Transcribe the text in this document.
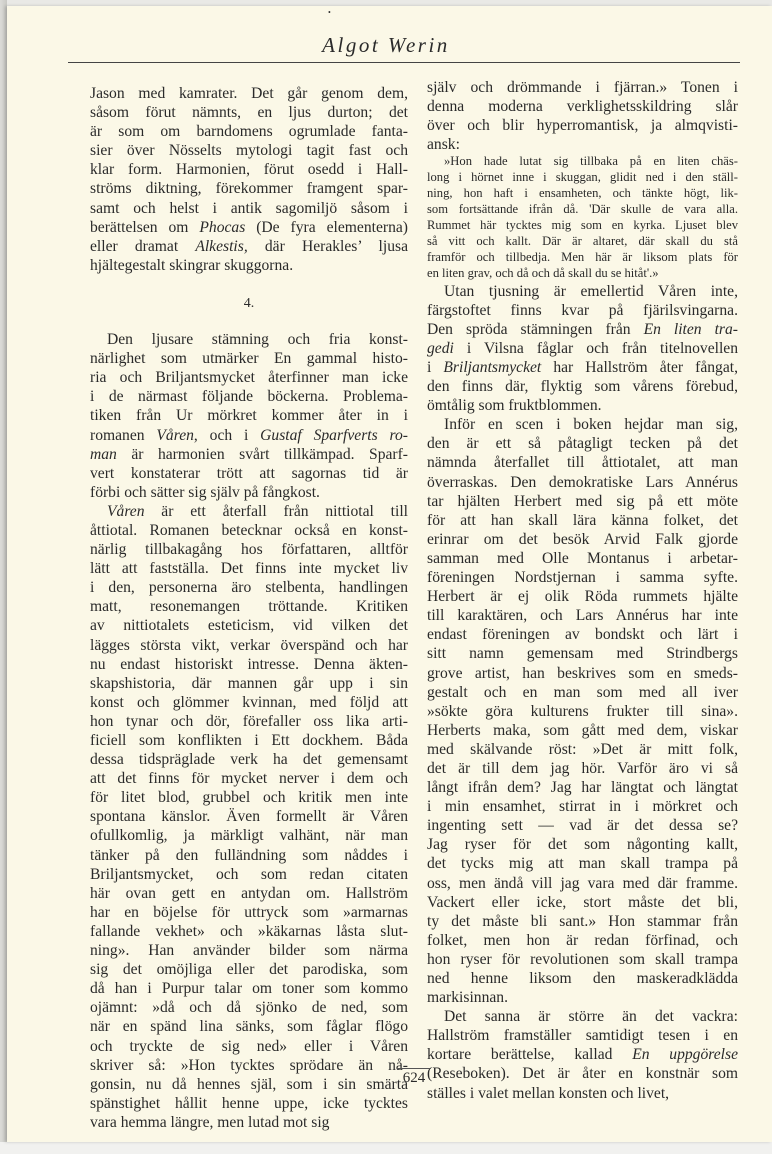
•
Algot Werin

Jason med kamrater. Det går genom dem,
såsom förut nämnts, en ljus durton; det
är som om barndomens ogrumlade fanta-
sier över Nösselts mytologi tagit fast och
klar form. Harmonien, förut osedd i Hall-
ströms diktning, förekommer framgent spar-
samt och helst i antik sagomiljö såsom i
berättelsen om Phocas (De fyra elementerna)
eller dramat Alkestis, där Herakles’ ljusa
hjältegestalt skingrar skuggorna.

4.

Den ljusare stämning och fria konst-
närlighet som utmärker En gammal histo-
ria och Briljantsmycket återfinner man icke
i de närmast följande böckerna. Problema-
tiken från Ur mörkret kommer åter in i
romanen Våren, och i Gustaf Sparfverts ro-
man är harmonien svårt tillkämpad. Sparf-
vert konstaterar trött att sagornas tid är
förbi och sätter sig själv på fångkost.

Våren är ett återfall från nittiotal till
åttiotal. Romanen betecknar också en konst-
närlig tillbakagång hos författaren, alltför
lätt att fastställa. Det finns inte mycket liv
i den, personerna äro stelbenta, handlingen
matt, resonemangen tröttande. Kritiken
av nittiotalets esteticism, vid vilken det
lägges största vikt, verkar överspänd och har
nu endast historiskt intresse. Denna äkten-
skapshistoria, där mannen går upp i sin
konst och glömmer kvinnan, med följd att
hon tynar och dör, förefaller oss lika arti-
ficiell som konflikten i Ett dockhem. Båda
dessa tidspräglade verk ha det gemensamt
att det finns för mycket nerver i dem och
för litet blod, grubbel och kritik men inte
spontana känslor. Även formellt är Våren
ofullkomlig, ja märkligt valhänt, när man
tänker på den fulländning som nåddes i
Briljantsmycket, och som redan citaten
här ovan gett en antydan om. Hallström
har en böjelse för uttryck som »armarnas
fallande vekhet» och »käkarnas låsta slut-
ning». Han använder bilder som närma
sig det omöjliga eller det parodiska, som
då han i Purpur talar om toner som kommo
ojämnt: »då och då sjönko de ned, som
när en spänd lina sänks, som fåglar flögo
och tryckte de sig ned» eller i Våren
skriver så: »Hon tycktes sprödare än nå-
gonsin, nu då hennes själ, som i sin smärta
spänstighet hållit henne uppe, icke tycktes
vara hemma längre, men lutad mot sig

själv och drömmande i fjärran.» Tonen i
denna moderna verklighetsskildring slår
över och blir hyperromantisk, ja almqvisti-
ansk:

»Hon hade lutat sig tillbaka på en liten chäs-
long i hörnet inne i skuggan, glidit ned i den ställ-
ning, hon haft i ensamheten, och tänkte högt, lik-
som fortsättande ifrån då. 'Där skulle de vara alla.
Rummet här tycktes mig som en kyrka. Ljuset blev
så vitt och kallt. Där är altaret, där skall du stå
framför och tillbedja. Men här är liksom plats för
en liten grav, och då och då skall du se hitåt'.»

Utan tjusning är emellertid Våren inte,
färgstoftet finns kvar på fjärilsvingarna.
Den spröda stämningen från En liten tra-
gedi i Vilsna fåglar och från titelnovellen
i Briljantsmycket har Hallström åter fångat,
den finns där, flyktig som vårens förebud,
ömtålig som fruktblommen.

Inför en scen i boken hejdar man sig,
den är ett så påtagligt tecken på det
nämnda återfallet till åttiotalet, att man
överraskas. Den demokratiske Lars Annérus
tar hjälten Herbert med sig på ett möte
för att han skall lära känna folket, det
erinrar om det besök Arvid Falk gjorde
samman med Olle Montanus i arbetar-
föreningen Nordstjernan i samma syfte.
Herbert är ej olik Röda rummets hjälte
till karaktären, och Lars Annérus har inte
endast föreningen av bondskt och lärt i
sitt namn gemensam med Strindbergs
grove artist, han beskrives som en smeds-
gestalt och en man som med all iver
»sökte göra kulturens frukter till sina».
Herberts maka, som gått med dem, viskar
med skälvande röst: »Det är mitt folk,
det är till dem jag hör. Varför äro vi så
långt ifrån dem? Jag har längtat och längtat
i min ensamhet, stirrat in i mörkret och
ingenting sett — vad är det dessa se?
Jag ryser för det som någonting kallt,
det tycks mig att man skall trampa på
oss, men ändå vill jag vara med där framme.
Vackert eller icke, stort måste det bli,
ty det måste bli sant.» Hon stammar från
folket, men hon är redan förfinad, och
hon ryser för revolutionen som skall trampa
ned henne liksom den maskeradklädda
markisinnan.

Det sanna är större än det vackra:
Hallström framställer samtidigt tesen i en
kortare berättelse, kallad En uppgörelse
(Reseboken). Det är åter en konstnär som
ställes i valet mellan konsten och livet,

624
